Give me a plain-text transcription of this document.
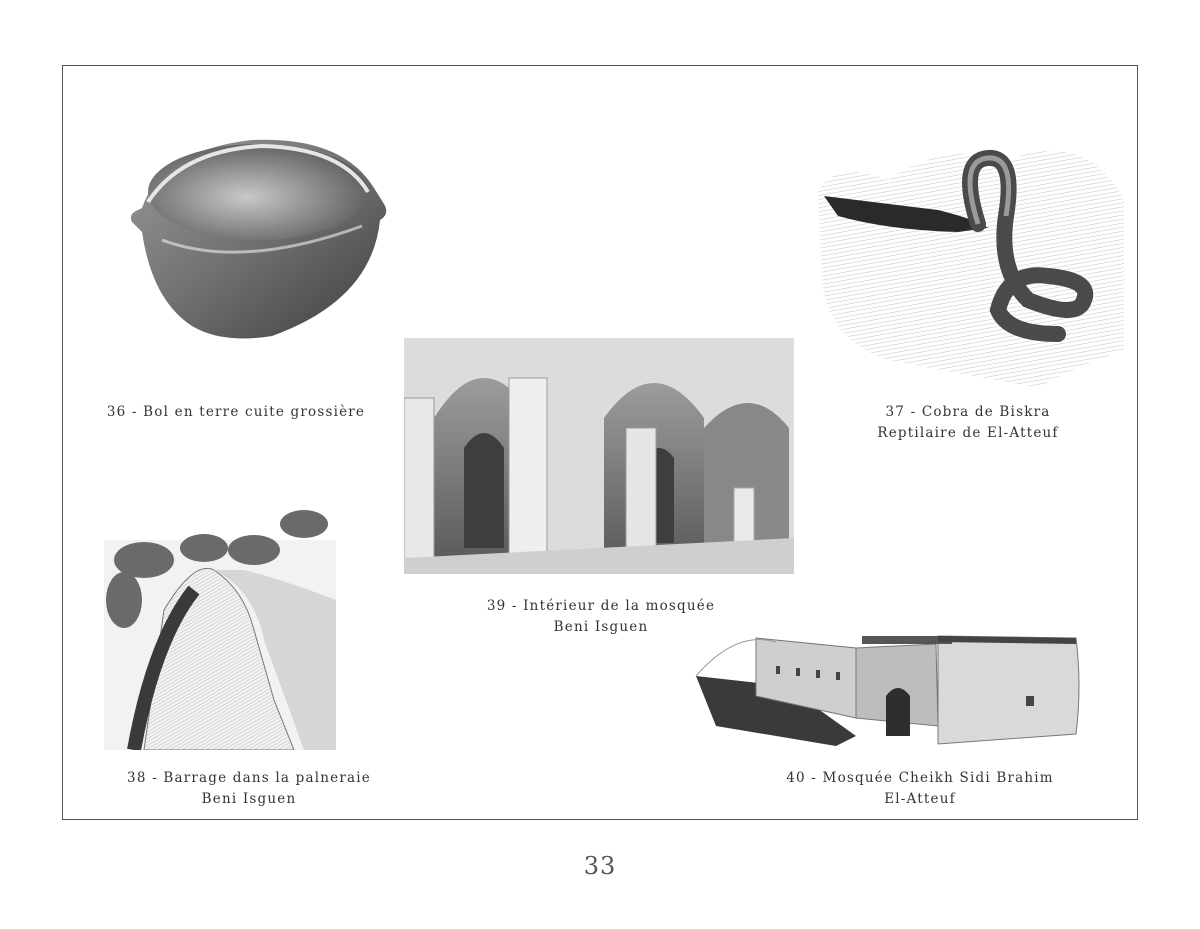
36 - Bol en terre cuite grossière	37 - Cobra de Biskra
Reptilaire de El-Atteuf
38 - Barrage dans la palneraie
Beni Isguen
39 - Intérieur de la mosquée
Beni Isguen
40 - Mosquée Cheikh Sidi Brahim
El-Atteuf
33
